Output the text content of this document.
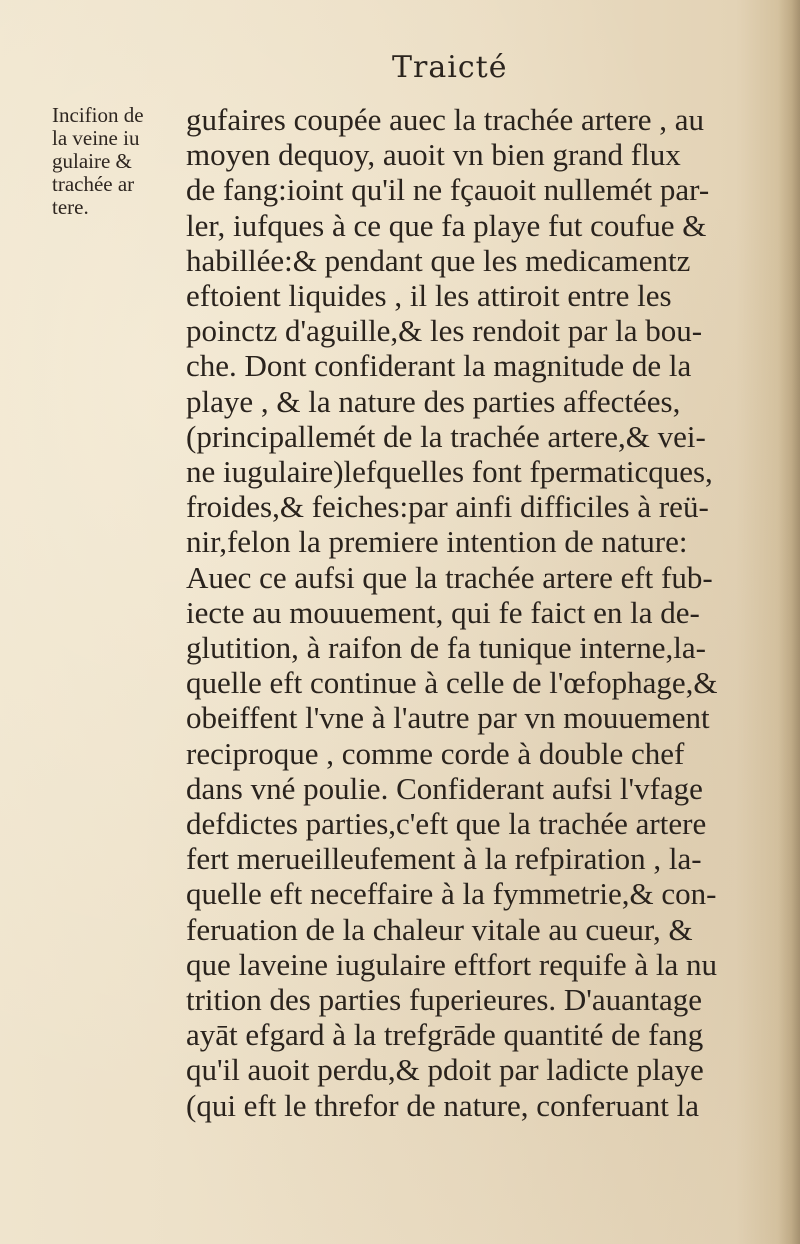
Traicté
Incifion de
la veine iu
gulaire &
trachée ar
tere.
gufaires coupée auec la trachée artere , au
moyen dequoy, auoit vn bien grand flux
de fang:ioint qu'il ne fçauoit nullemét par-
ler, iufques à ce que fa playe fut coufue &
habillée:& pendant que les medicamentz
eftoient liquides , il les attiroit entre les
poinctz d'aguille,& les rendoit par la bou-
che. Dont confiderant la magnitude de la
playe , & la nature des parties affectées,
(principallemét de la trachée artere,& vei-
ne iugulaire)lefquelles font fpermaticques,
froides,& feiches:par ainfi difficiles à reü-
nir,felon la premiere intention de nature:
Auec ce aufsi que la trachée artere eft fub-
iecte au mouuement, qui fe faict en la de-
glutition, à raifon de fa tunique interne,la-
quelle eft continue à celle de l'œfophage,&
obeiffent l'vne à l'autre par vn mouuement
reciproque , comme corde à double chef
dans vné poulie. Confiderant aufsi l'vfage
defdictes parties,c'eft que la trachée artere
fert merueilleufement à la refpiration , la-
quelle eft neceffaire à la fymmetrie,& con-
feruation de la chaleur vitale au cueur, &
que laveine iugulaire eftfort requife à la nu
trition des parties fuperieures. D'auantage
ayāt efgard à la trefgrāde quantité de fang
qu'il auoit perdu,& pdoit par ladicte playe
(qui eft le threfor de nature, conferuant la
